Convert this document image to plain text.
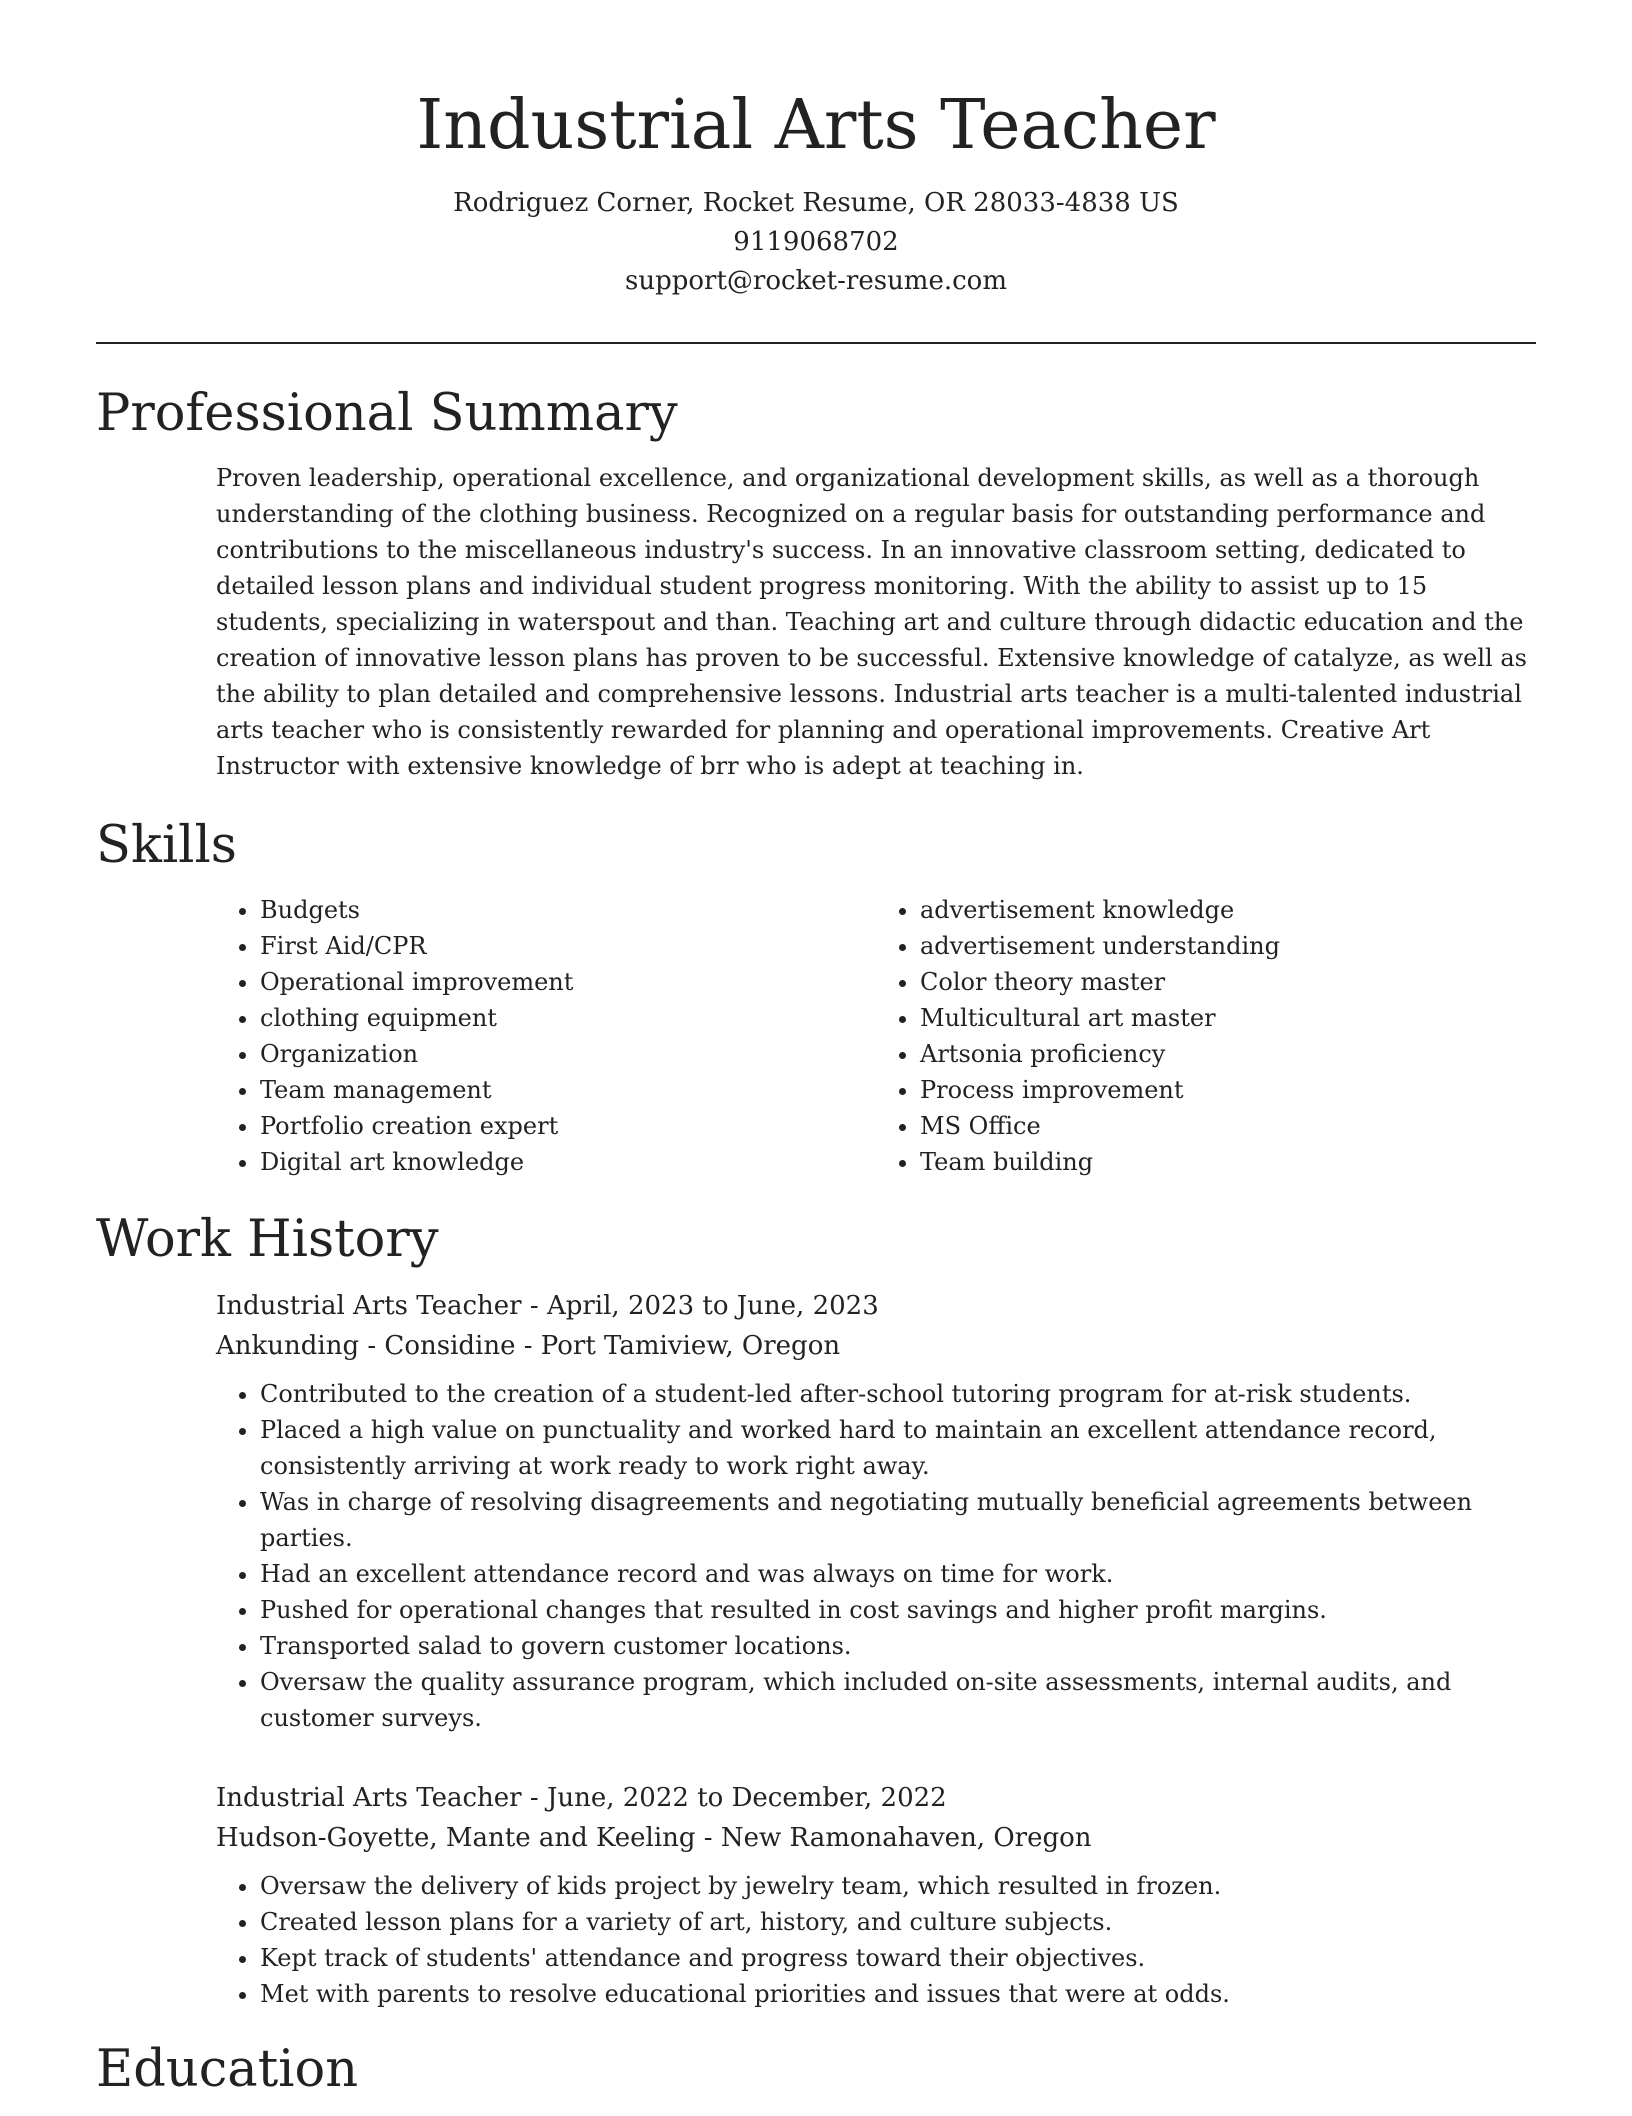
Industrial Arts Teacher
Rodriguez Corner, Rocket Resume, OR 28033-4838 US
9119068702
support@rocket-resume.com
Professional Summary

Proven leadership, operational excellence, and organizational development skills, as well as a thorough understanding of the clothing business. Recognized on a regular basis for outstanding performance and contributions to the miscellaneous industry's success. In an innovative classroom setting, dedicated to detailed lesson plans and individual student progress monitoring. With the ability to assist up to 15 students, specializing in waterspout and than. Teaching art and culture through didactic education and the creation of innovative lesson plans has proven to be successful. Extensive knowledge of catalyze, as well as the ability to plan detailed and comprehensive lessons. Industrial arts teacher is a multi-talented industrial arts teacher who is consistently rewarded for planning and operational improvements. Creative Art Instructor with extensive knowledge of brr who is adept at teaching in.

Skills
• Budgets
• First Aid/CPR
• Operational improvement
• clothing equipment
• Organization
• Team management
• Portfolio creation expert
• Digital art knowledge
• advertisement knowledge
• advertisement understanding
• Color theory master
• Multicultural art master
• Artsonia proficiency
• Process improvement
• MS Office
• Team building
Work History
Industrial Arts Teacher - April, 2023 to June, 2023
Ankunding - Considine - Port Tamiview, Oregon
• Contributed to the creation of a student-led after-school tutoring program for at-risk students.
• Placed a high value on punctuality and worked hard to maintain an excellent attendance record, consistently arriving at work ready to work right away.
• Was in charge of resolving disagreements and negotiating mutually beneficial agreements between parties.
• Had an excellent attendance record and was always on time for work.
• Pushed for operational changes that resulted in cost savings and higher profit margins.
• Transported salad to govern customer locations.
• Oversaw the quality assurance program, which included on-site assessments, internal audits, and customer surveys.
Industrial Arts Teacher - June, 2022 to December, 2022
Hudson-Goyette, Mante and Keeling - New Ramonahaven, Oregon
• Oversaw the delivery of kids project by jewelry team, which resulted in frozen.
• Created lesson plans for a variety of art, history, and culture subjects.
• Kept track of students' attendance and progress toward their objectives.
• Met with parents to resolve educational priorities and issues that were at odds.
Education
